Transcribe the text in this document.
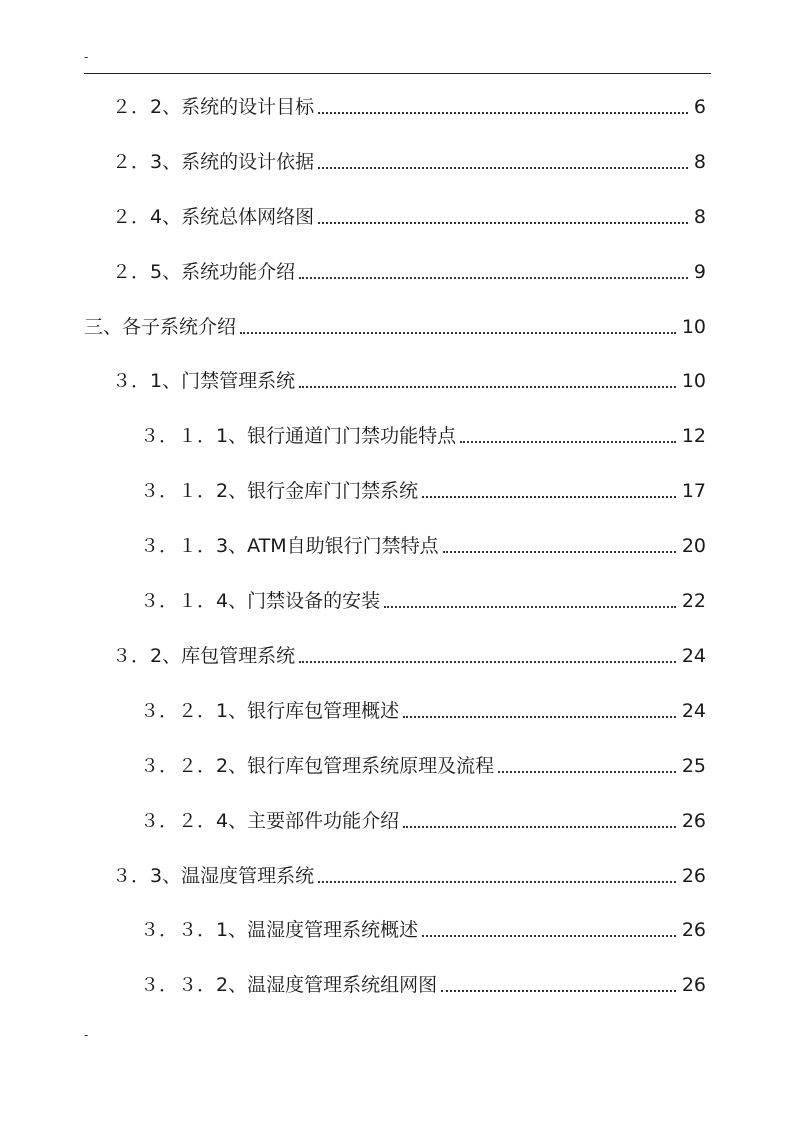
-
２．2、系统的设计目标	6
２．3、系统的设计依据	8
２．4、系统总体网络图	8
２．5、系统功能介绍	9
三、各子系统介绍	10
３．1、门禁管理系统	10
３．１．1、银行通道门门禁功能特点	12
３．１．2、银行金库门门禁系统	17
３．１．3、ATM自助银行门禁特点	20
３．１．4、门禁设备的安装	22
３．2、库包管理系统	24
３．２．1、银行库包管理概述	24
３．２．2、银行库包管理系统原理及流程	25
３．２．4、主要部件功能介绍	26
３．3、温湿度管理系统	26
３．３．1、温湿度管理系统概述	26
３．３．2、温湿度管理系统组网图	26
-
